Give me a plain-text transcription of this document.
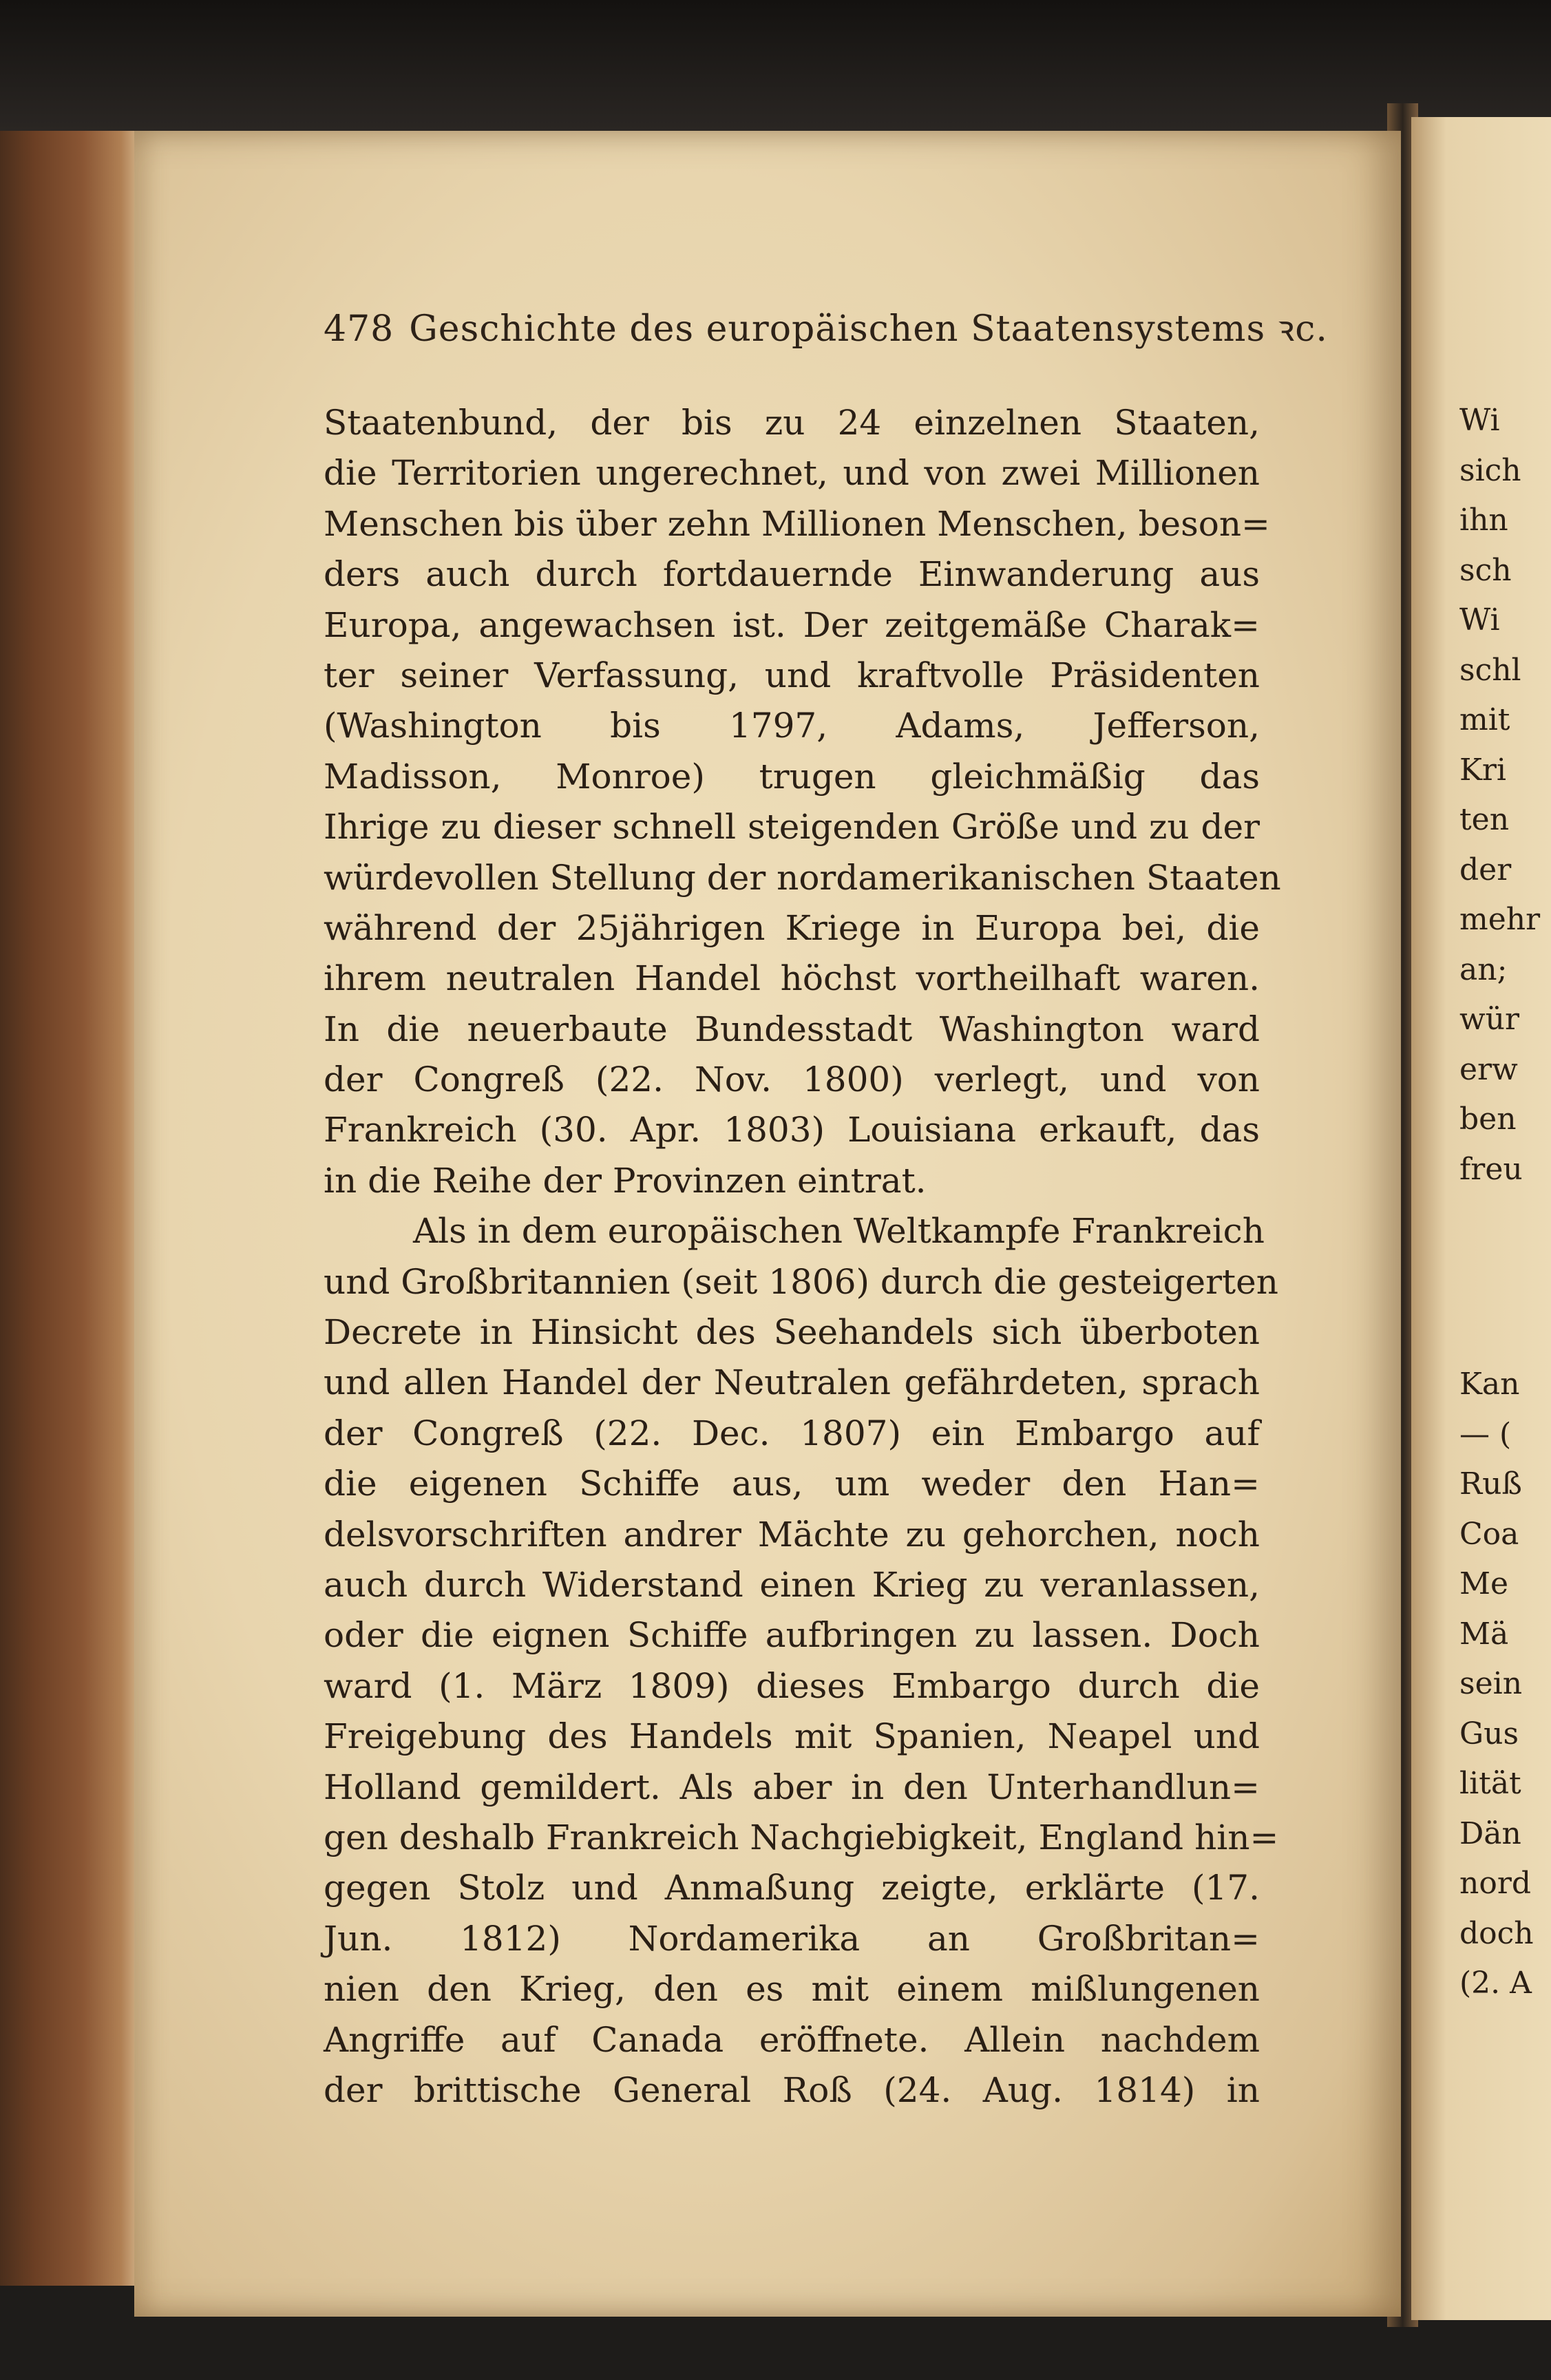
478 Geschichte des europäischen Staatensystems ꝛc.
Staatenbund, der bis zu 24 einzelnen Staaten,
die Territorien ungerechnet, und von zwei Millionen
Menschen bis über zehn Millionen Menschen, beson=
ders auch durch fortdauernde Einwanderung aus
Europa, angewachsen ist. Der zeitgemäße Charak=
ter seiner Verfassung, und kraftvolle Präsidenten
(Washington bis 1797, Adams, Jefferson,
Madisson, Monroe) trugen gleichmäßig das
Ihrige zu dieser schnell steigenden Größe und zu der
würdevollen Stellung der nordamerikanischen Staaten
während der 25jährigen Kriege in Europa bei, die
ihrem neutralen Handel höchst vortheilhaft waren.
In die neuerbaute Bundesstadt Washington ward
der Congreß (22. Nov. 1800) verlegt, und von
Frankreich (30. Apr. 1803) Louisiana erkauft, das
in die Reihe der Provinzen eintrat.
Als in dem europäischen Weltkampfe Frankreich
und Großbritannien (seit 1806) durch die gesteigerten
Decrete in Hinsicht des Seehandels sich überboten
und allen Handel der Neutralen gefährdeten, sprach
der Congreß (22. Dec. 1807) ein Embargo auf
die eigenen Schiffe aus, um weder den Han=
delsvorschriften andrer Mächte zu gehorchen, noch
auch durch Widerstand einen Krieg zu veranlassen,
oder die eignen Schiffe aufbringen zu lassen. Doch
ward (1. März 1809) dieses Embargo durch die
Freigebung des Handels mit Spanien, Neapel und
Holland gemildert. Als aber in den Unterhandlun=
gen deshalb Frankreich Nachgiebigkeit, England hin=
gegen Stolz und Anmaßung zeigte, erklärte (17.
Jun. 1812) Nordamerika an Großbritan=
nien den Krieg, den es mit einem mißlungenen
Angriffe auf Canada eröffnete. Allein nachdem
der brittische General Roß (24. Aug. 1814) in
Wi
sich
ihn
sch
Wi
schl
mit
Kri
ten
der
mehr
an;
wür
erw
ben
freu
Kan
— (
Ruß
Coa
Me
Mä
sein
Gus
lität
Dän
nord
doch
(2. A
